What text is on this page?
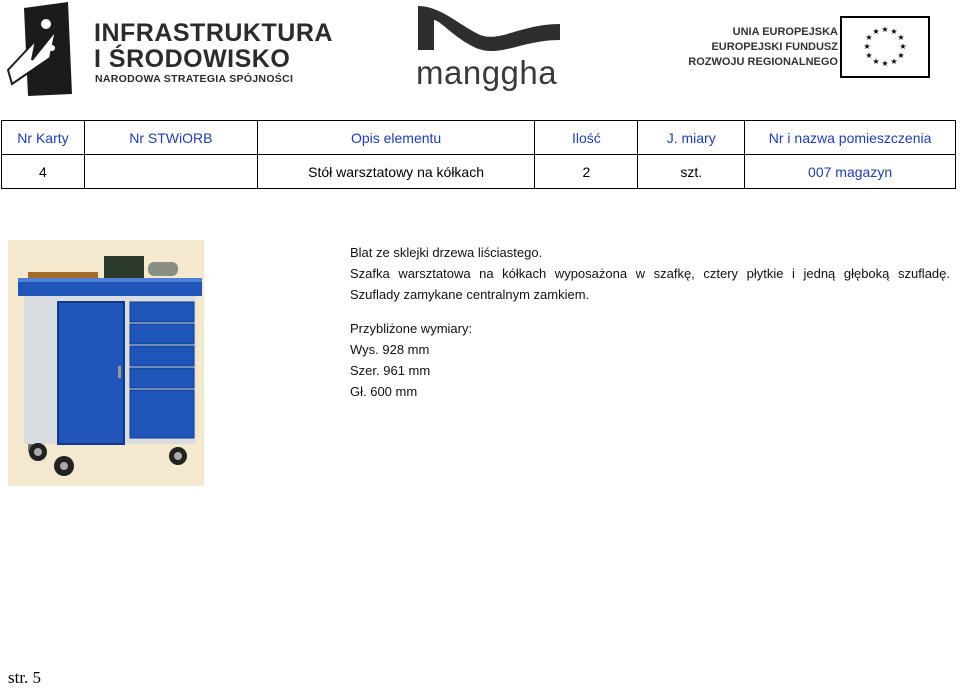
INFRASTRUKTURA
I ŚRODOWISKO
NARODOWA STRATEGIA SPÓJNOŚCI	manggha
UNIA EUROPEJSKA
EUROPEJSKI FUNDUSZ
ROZWOJU REGIONALNEGO
★ ★
★
★
★
★
★
★
★
★
★
★
Nr Karty	Nr STWiORB	Opis elementu	Ilość	J. miary	Nr i nazwa pomieszczenia
4		Stół warsztatowy na kółkach	2	szt.	007 magazyn

Blat ze sklejki drzewa liściastego.

Szafka warsztatowa na kółkach wyposażona w szafkę, cztery płytkie i jedną głęboką szufladę.

Szuflady zamykane centralnym zamkiem.

Przybliżone wymiary:

Wys. 928 mm

Szer. 961 mm

Gł. 600 mm

str. 5
